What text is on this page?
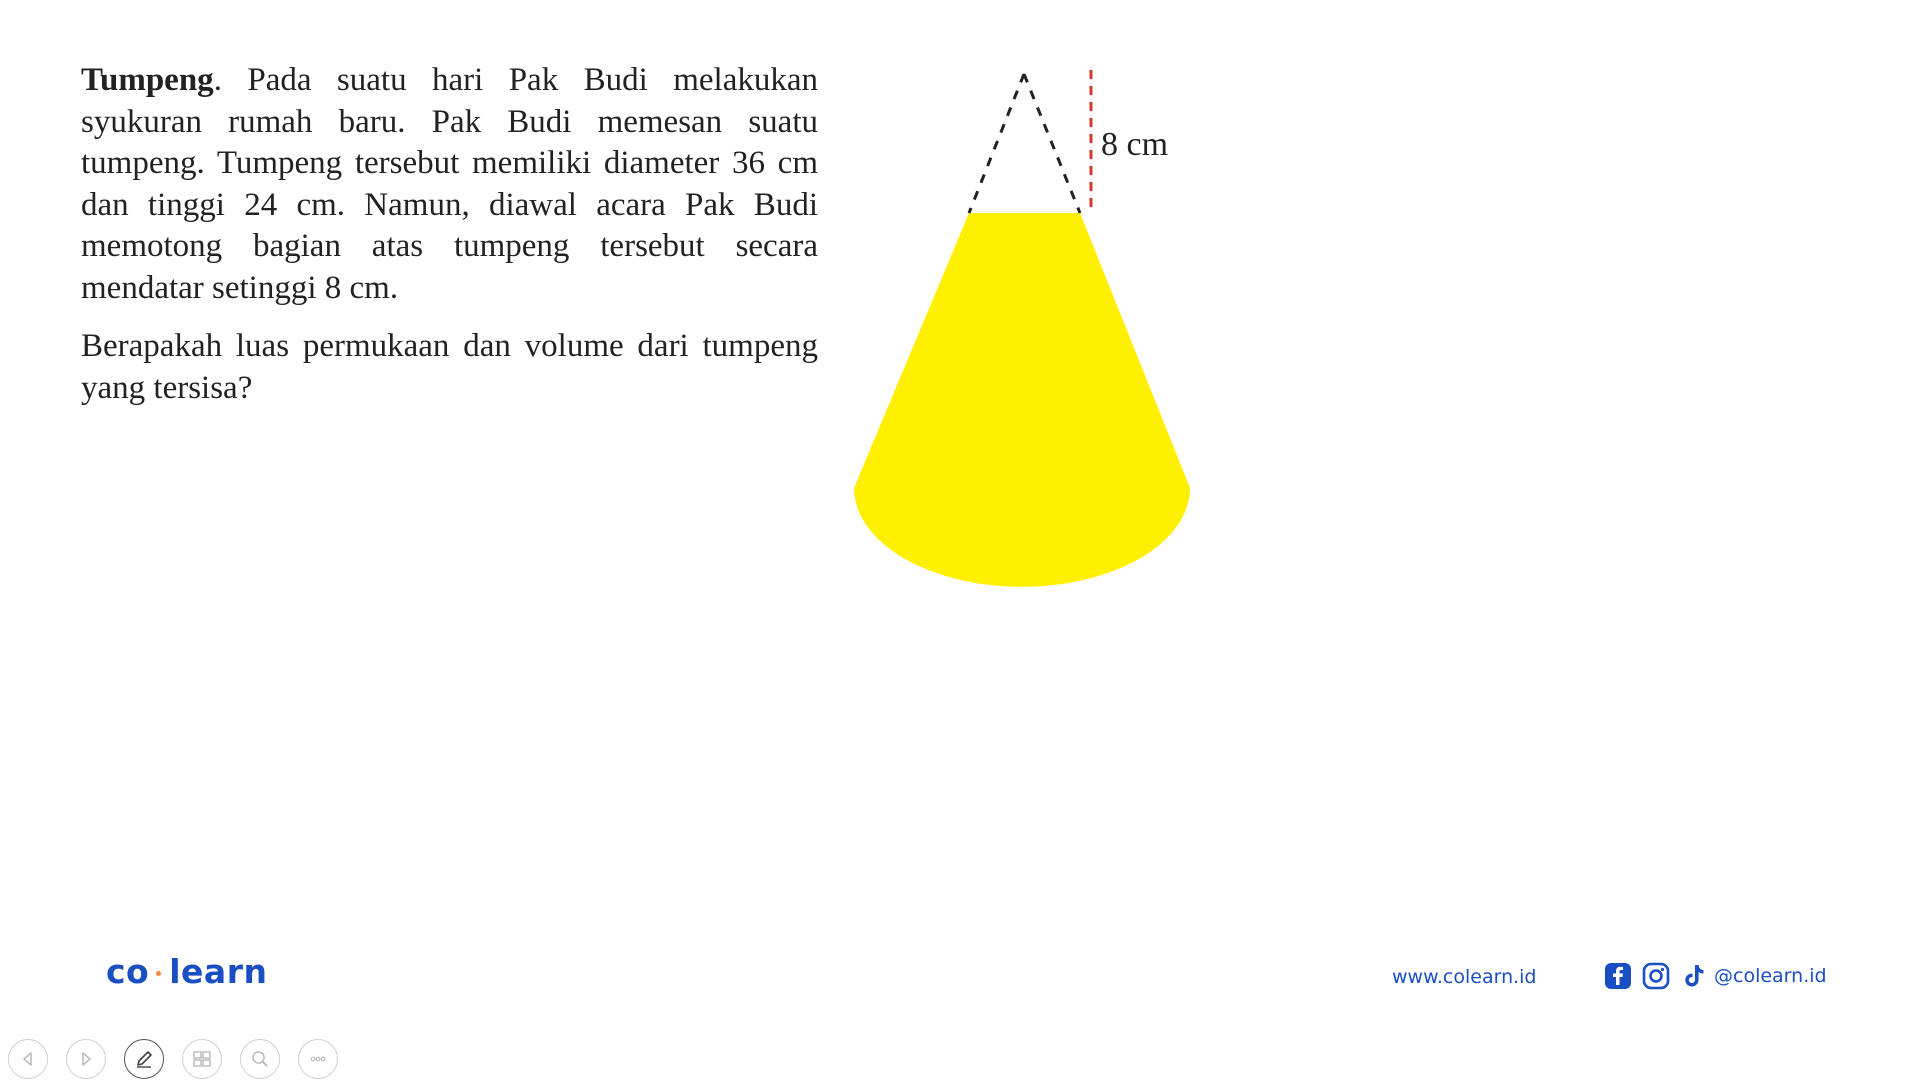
Tumpeng. Pada suatu hari Pak Budi melakukan syukuran rumah baru. Pak Budi memesan suatu tumpeng. Tumpeng tersebut memiliki diameter 36 cm dan tinggi 24 cm. Namun, diawal acara Pak Budi memotong bagian atas tumpeng tersebut secara mendatar setinggi 8 cm.

Berapakah luas permukaan dan volume dari tumpeng yang tersisa?

8 cm
co learn	www.colearn.id	@colearn.id
